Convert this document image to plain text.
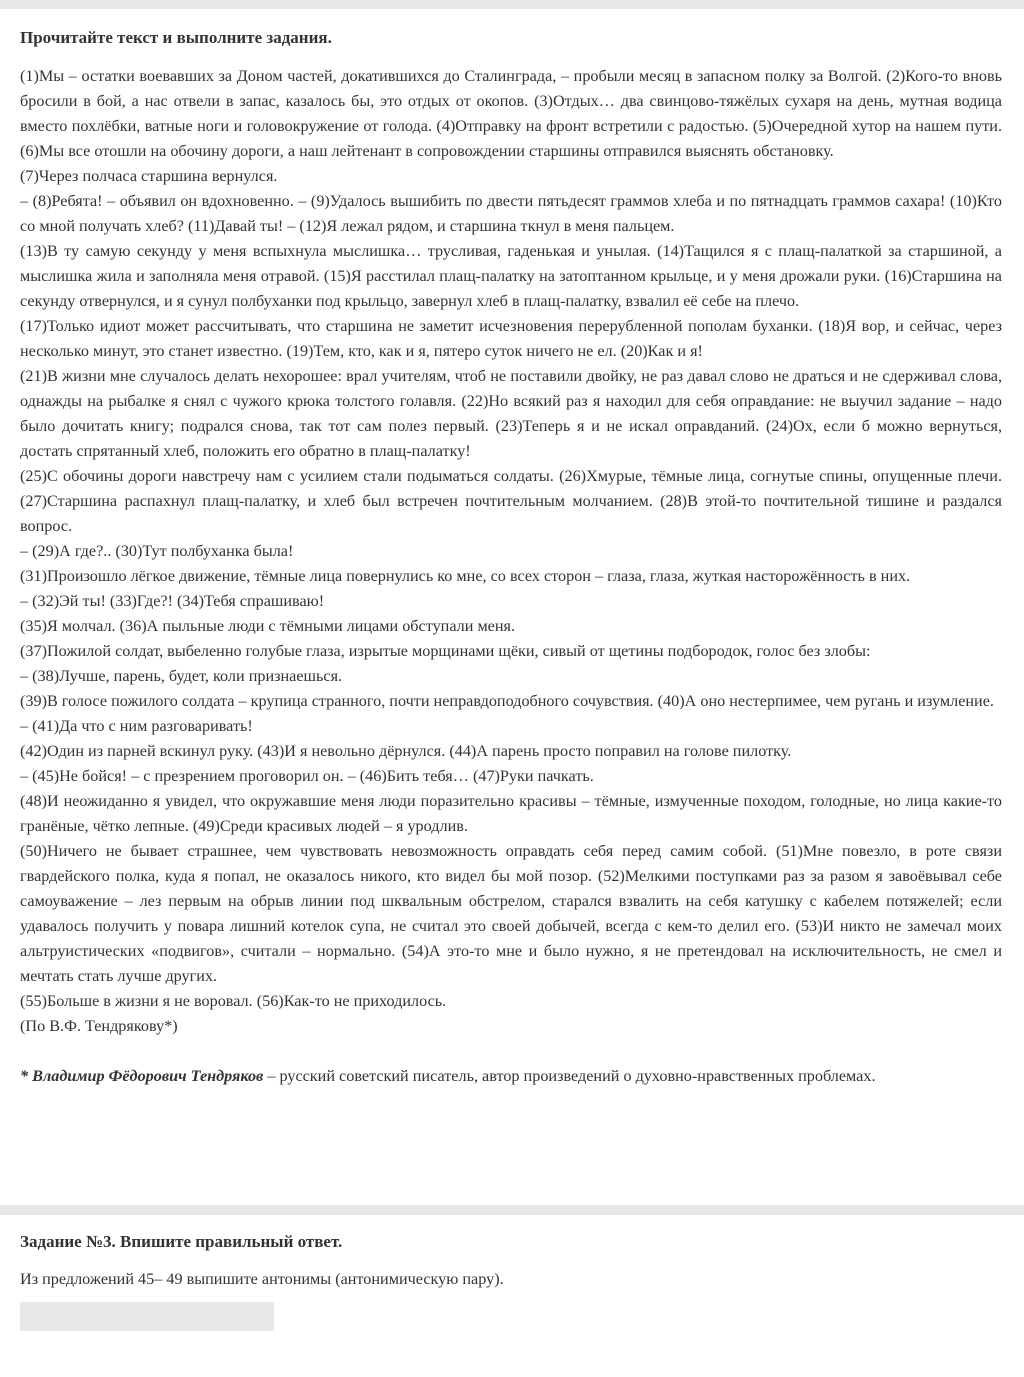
Прочитайте текст и выполните задания.

(1)Мы – остатки воевавших за Доном частей, докатившихся до Сталинграда, – пробыли месяц в запасном полку за Волгой. (2)Кого-то вновь бросили в бой, а нас отвели в запас, казалось бы, это отдых от окопов. (3)Отдых… два свинцово-тяжёлых сухаря на день, мутная водица вместо похлёбки, ватные ноги и головокружение от голода. (4)Отправку на фронт встретили с радостью. (5)Очередной хутор на нашем пути. (6)Мы все отошли на обочину дороги, а наш лейтенант в сопровождении старшины отправился выяснять обстановку.

(7)Через полчаса старшина вернулся.

– (8)Ребята! – объявил он вдохновенно. – (9)Удалось вышибить по двести пятьдесят граммов хлеба и по пятнадцать граммов сахара! (10)Кто со мной получать хлеб? (11)Давай ты! – (12)Я лежал рядом, и старшина ткнул в меня пальцем.

(13)В ту самую секунду у меня вспыхнула мыслишка… трусливая, гаденькая и унылая. (14)Тащился я с плащ-палаткой за старшиной, а мыслишка жила и заполняла меня отравой. (15)Я расстилал плащ-палатку на затоптанном крыльце, и у меня дрожали руки. (16)Старшина на секунду отвернулся, и я сунул полбуханки под крыльцо, завернул хлеб в плащ-палатку, взвалил её себе на плечо.

(17)Только идиот может рассчитывать, что старшина не заметит исчезновения перерубленной пополам буханки. (18)Я вор, и сейчас, через несколько минут, это станет известно. (19)Тем, кто, как и я, пятеро суток ничего не ел. (20)Как и я!

(21)В жизни мне случалось делать нехорошее: врал учителям, чтоб не поставили двойку, не раз давал слово не драться и не сдерживал слова, однажды на рыбалке я снял с чужого крюка толстого голавля. (22)Но всякий раз я находил для себя оправдание: не выучил задание – надо было дочитать книгу; подрался снова, так тот сам полез первый. (23)Теперь я и не искал оправданий. (24)Ох, если б можно вернуться, достать спрятанный хлеб, положить его обратно в плащ-палатку!

(25)С обочины дороги навстречу нам с усилием стали подыматься солдаты. (26)Хмурые, тёмные лица, согнутые спины, опущенные плечи. (27)Старшина распахнул плащ-палатку, и хлеб был встречен почтительным молчанием. (28)В этой-то почтительной тишине и раздался вопрос.

– (29)А где?.. (30)Тут полбуханка была!

(31)Произошло лёгкое движение, тёмные лица повернулись ко мне, со всех сторон – глаза, глаза, жуткая насторожённость в них.

– (32)Эй ты! (33)Где?! (34)Тебя спрашиваю!

(35)Я молчал. (36)А пыльные люди с тёмными лицами обступали меня.

(37)Пожилой солдат, выбеленно голубые глаза, изрытые морщинами щёки, сивый от щетины подбородок, голос без злобы:

– (38)Лучше, парень, будет, коли признаешься.

(39)В голосе пожилого солдата – крупица странного, почти неправдоподобного сочувствия. (40)А оно нестерпимее, чем ругань и изумление.

– (41)Да что с ним разговаривать!

(42)Один из парней вскинул руку. (43)И я невольно дёрнулся. (44)А парень просто поправил на голове пилотку.

– (45)Не бойся! – с презрением проговорил он. – (46)Бить тебя… (47)Руки пачкать.

(48)И неожиданно я увидел, что окружавшие меня люди поразительно красивы – тёмные, измученные походом, голодные, но лица какие-то гранёные, чётко лепные. (49)Среди красивых людей – я уродлив.

(50)Ничего не бывает страшнее, чем чувствовать невозможность оправдать себя перед самим собой. (51)Мне повезло, в роте связи гвардейского полка, куда я попал, не оказалось никого, кто видел бы мой позор. (52)Мелкими поступками раз за разом я завоёвывал себе самоуважение – лез первым на обрыв линии под шквальным обстрелом, старался взвалить на себя катушку с кабелем потяжелей; если удавалось получить у повара лишний котелок супа, не считал это своей добычей, всегда с кем-то делил его. (53)И никто не замечал моих альтруистических «подвигов», считали – нормально. (54)А это-то мне и было нужно, я не претендовал на исключительность, не смел и мечтать стать лучше других.

(55)Больше в жизни я не воровал. (56)Как-то не приходилось.

(По В.Ф. Тендрякову*)

* Владимир Фёдорович Тендряков – русский советский писатель, автор произведений о духовно-нравственных проблемах.
Задание №3. Впишите правильный ответ.
Из предложений 45– 49 выпишите антонимы (антонимическую пару).
